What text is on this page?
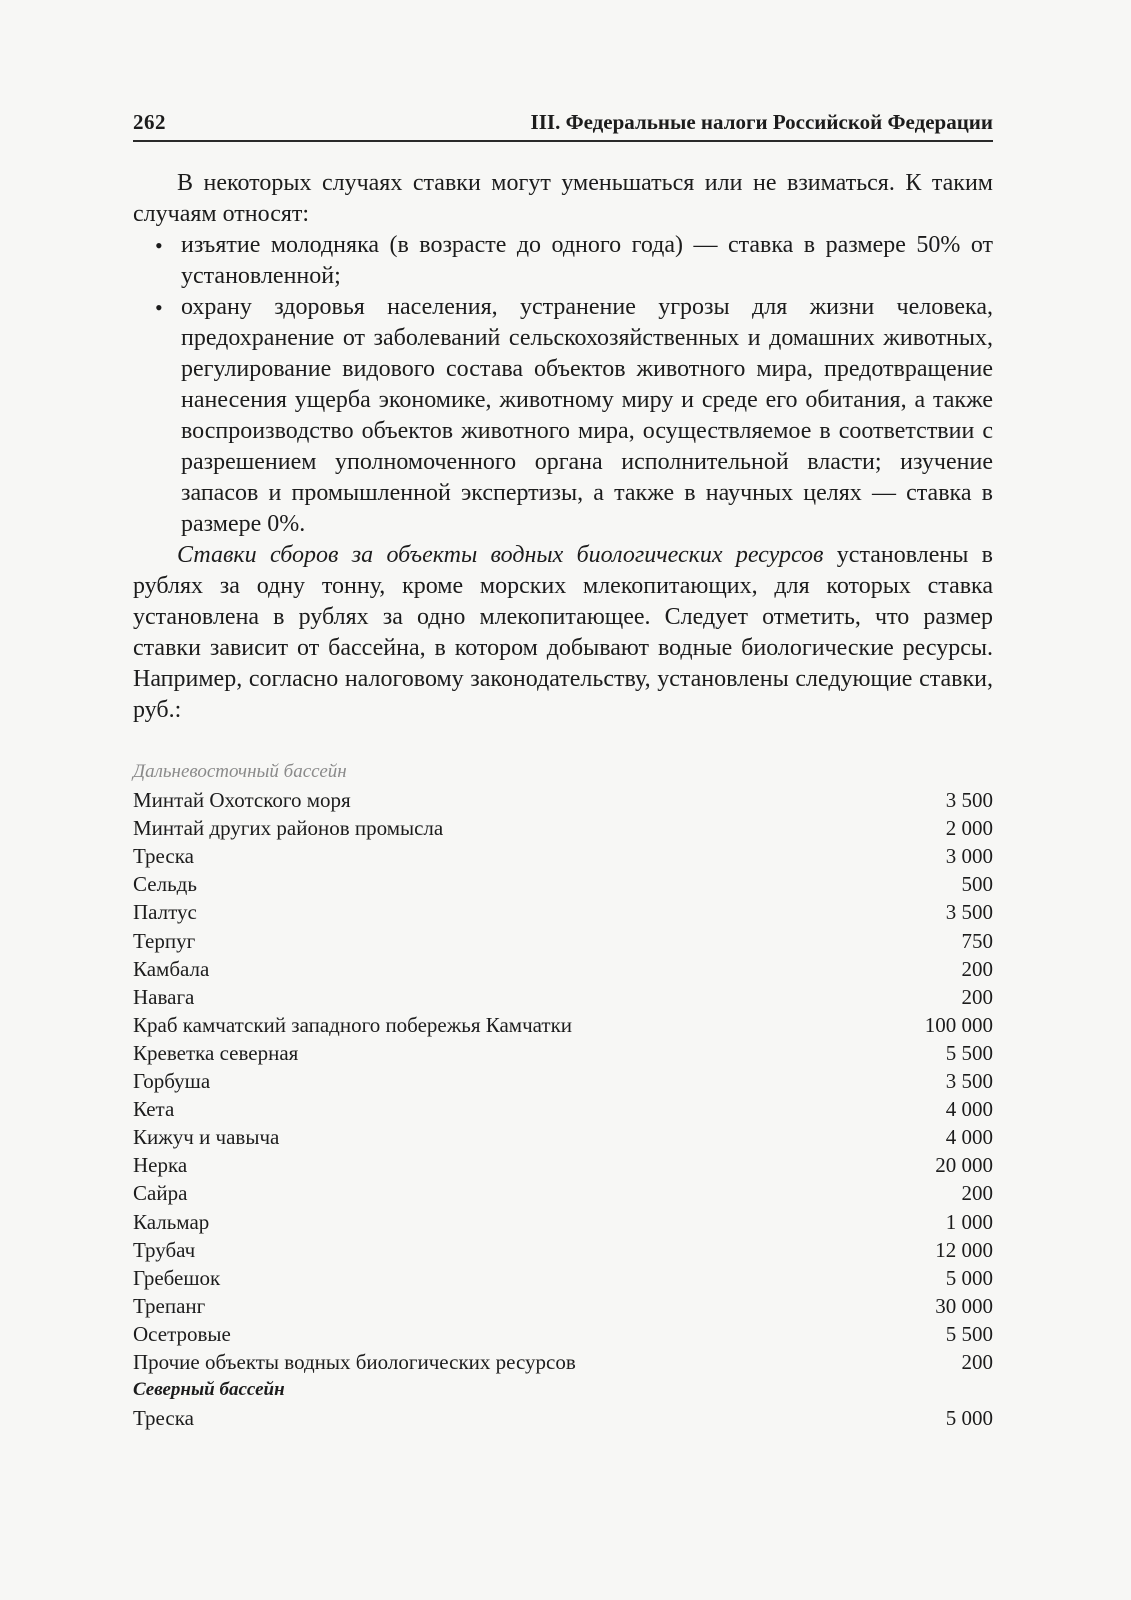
262	III. Федеральные налоги Российской Федерации

В некоторых случаях ставки могут уменьшаться или не взиматься. К таким случаям относят:

• изъятие молодняка (в возрасте до одного года) — ставка в размере 50% от установленной;
• охрану здоровья населения, устранение угрозы для жизни человека, предохранение от заболеваний сельскохозяйственных и домашних животных, регулирование видового состава объектов животного мира, предотвращение нанесения ущерба экономике, животному миру и среде его обитания, а также воспроизводство объектов животного мира, осуществляемое в соответствии с разрешением уполномоченного органа исполнительной власти; изучение запасов и промышленной экспертизы, а также в научных целях — ставка в размере 0%.

Ставки сборов за объекты водных биологических ресурсов установлены в рублях за одну тонну, кроме морских млекопитающих, для которых ставка установлена в рублях за одно млекопитающее. Следует отметить, что размер ставки зависит от бассейна, в котором добывают водные биологические ресурсы. Например, согласно налоговому законодательству, установлены следующие ставки, руб.:

Дальневосточный бассейн
Минтай Охотского моря	3 500
Минтай других районов промысла	2 000
Треска	3 000
Сельдь	500
Палтус	3 500
Терпуг	750
Камбала	200
Навага	200
Краб камчатский западного побережья Камчатки	100 000
Креветка северная	5 500
Горбуша	3 500
Кета	4 000
Кижуч и чавыча	4 000
Нерка	20 000
Сайра	200
Кальмар	1 000
Трубач	12 000
Гребешок	5 000
Трепанг	30 000
Осетровые	5 500
Прочие объекты водных биологических ресурсов	200
Северный бассейн
Треска	5 000
